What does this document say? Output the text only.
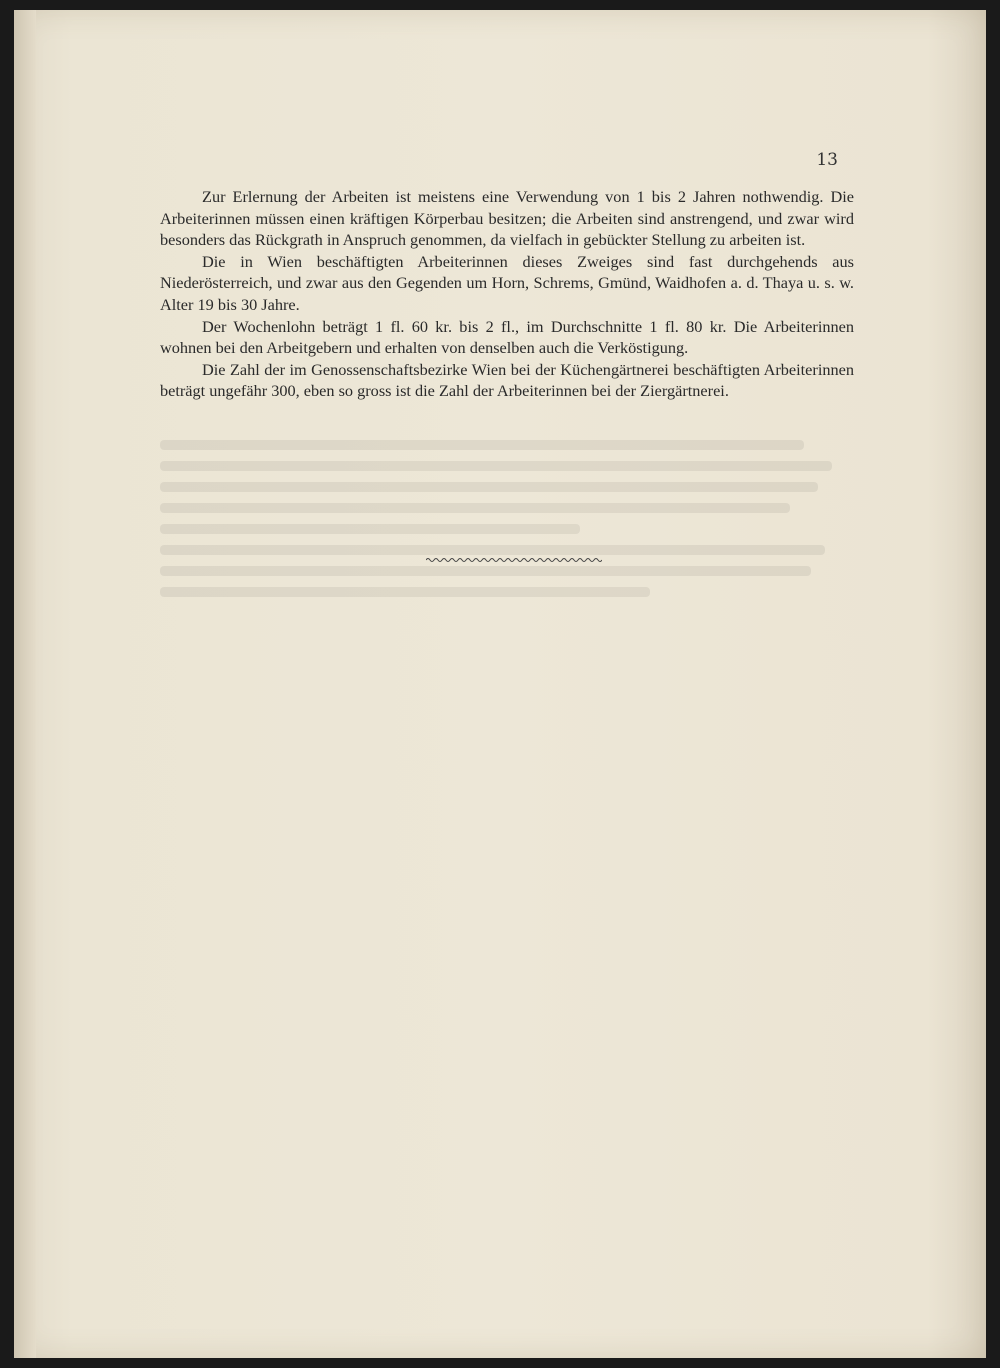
13

Zur Erlernung der Arbeiten ist meistens eine Verwendung von 1 bis 2 Jahren nothwendig. Die Arbeiterinnen müssen einen kräftigen Körperbau besitzen; die Arbeiten sind anstrengend, und zwar wird besonders das Rückgrath in Anspruch genommen, da vielfach in gebückter Stellung zu arbeiten ist.

Die in Wien beschäftigten Arbeiterinnen dieses Zweiges sind fast durchgehends aus Niederösterreich, und zwar aus den Gegenden um Horn, Schrems, Gmünd, Waidhofen a. d. Thaya u. s. w. Alter 19 bis 30 Jahre.

Der Wochenlohn beträgt 1 fl. 60 kr. bis 2 fl., im Durchschnitte 1 fl. 80 kr. Die Arbeiterinnen wohnen bei den Arbeitgebern und erhalten von denselben auch die Verköstigung.

Die Zahl der im Genossenschaftsbezirke Wien bei der Küchengärtnerei beschäftigten Arbeiterinnen beträgt ungefähr 300, eben so gross ist die Zahl der Arbeiterinnen bei der Ziergärtnerei.
